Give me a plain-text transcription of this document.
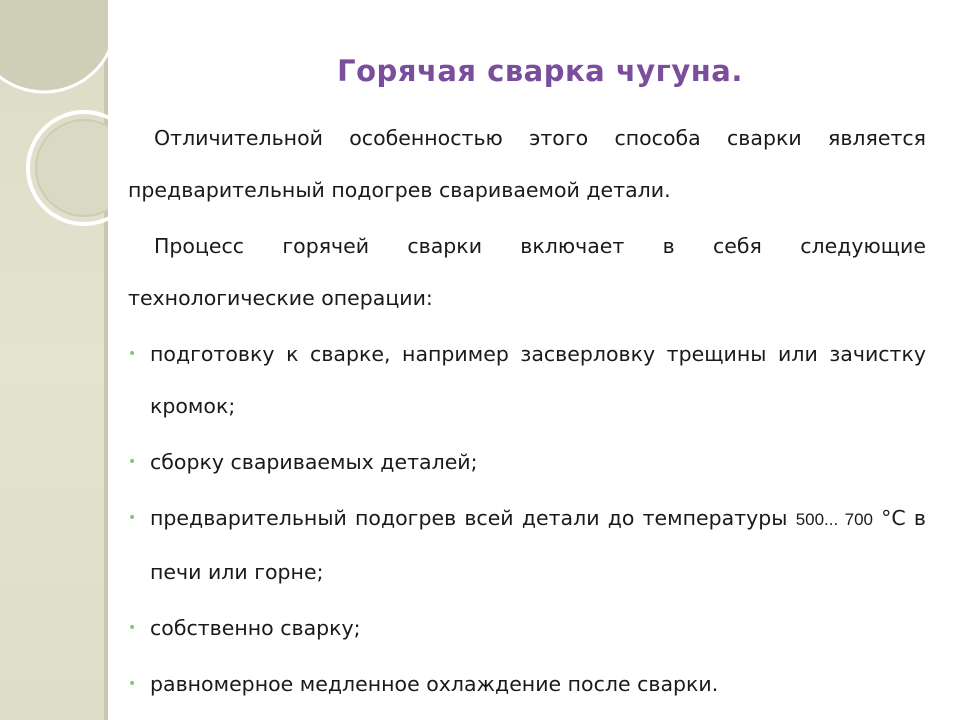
Горячая сварка чугуна.

Отличительной особенностью этого способа сварки является предварительный подогрев свариваемой детали.

Процесс горячей сварки включает в себя следующие технологические операции:

• подготовку к сварке, например засверловку трещины или зачистку кромок;
• сборку свариваемых деталей;
• предварительный подогрев всей детали до температуры 500... 700 °С в печи или горне;
• собственно сварку;
• равномерное медленное охлаждение после сварки.
